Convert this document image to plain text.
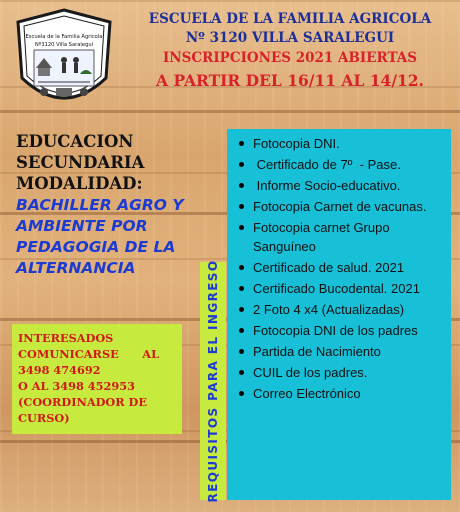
Escuela de la Familia Agricola
Nº3120 Villa Saralegui
ESCUELA DE LA FAMILIA AGRICOLA
Nº 3120 VILLA SARALEGUI
INSCRIPCIONES 2021 ABIERTAS
A PARTIR DEL 16/11 AL 14/12.
EDUCACION
SECUNDARIA
MODALIDAD:
BACHILLER AGRO Y
AMBIENTE POR
PEDAGOGIA DE LA
ALTERNANCIA
INTERESADOS
COMUNICARSE      AL
3498 474692
O AL 3498 452953
(COORDINADOR DE
CURSO)	REQUISITOS PARA EL INGRESO
Fotocopia DNI.
Certificado de 7º  - Pase.
Informe Socio-educativo.
Fotocopia Carnet de vacunas.
Fotocopia carnet Grupo Sanguíneo
Certificado de salud. 2021
Certificado Bucodental. 2021
2 Foto 4 x4 (Actualizadas)
Fotocopia DNI de los padres
Partida de Nacimiento
CUIL de los padres.
Correo Electrónico
